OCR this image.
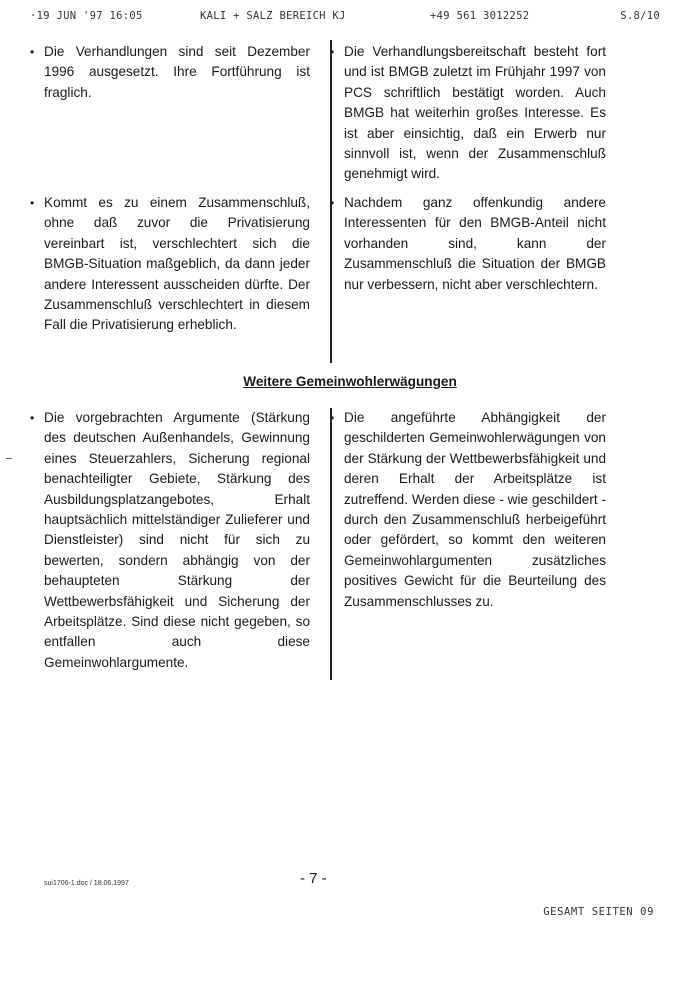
·19 JUN '97 16:05	KALI + SALZ BEREICH KJ	+49 561 3012252	S.8/10
• Die Verhandlungen sind seit Dezember 1996 ausgesetzt. Ihre Fortführung ist fraglich.
• Die Verhandlungsbereitschaft besteht fort und ist BMGB zuletzt im Frühjahr 1997 von PCS schriftlich bestätigt worden. Auch BMGB hat weiterhin großes Interesse. Es ist aber einsichtig, daß ein Erwerb nur sinnvoll ist, wenn der Zusammenschluß genehmigt wird.
• Kommt es zu einem Zusammenschluß, ohne daß zuvor die Privatisierung vereinbart ist, verschlechtert sich die BMGB-Situation maßgeblich, da dann jeder andere Interessent ausscheiden dürfte. Der Zusammenschluß verschlechtert in diesem Fall die Privatisierung erheblich.
• Nachdem ganz offenkundig andere Interessenten für den BMGB-Anteil nicht vorhanden sind, kann der Zusammenschluß die Situation der BMGB nur verbessern, nicht aber verschlechtern.
Weitere Gemeinwohlerwägungen
• Die vorgebrachten Argumente (Stärkung des deutschen Außenhandels, Gewinnung eines Steuerzahlers, Sicherung regional benachteiligter Gebiete, Stärkung des Ausbildungsplatzangebotes, Erhalt hauptsächlich mittelständiger Zulieferer und Dienstleister) sind nicht für sich zu bewerten, sondern abhängig von der behaupteten Stärkung der Wettbewerbsfähigkeit und Sicherung der Arbeitsplätze. Sind diese nicht gegeben, so entfallen auch diese Gemeinwohlargumente.
• Die angeführte Abhängigkeit der geschilderten Gemeinwohlerwägungen von der Stärkung der Wettbewerbsfähigkeit und deren Erhalt der Arbeitsplätze ist zutreffend. Werden diese - wie geschildert - durch den Zusammenschluß herbeigeführt oder gefördert, so kommt den weiteren Gemeinwohlargumenten zusätzliches positives Gewicht für die Beurteilung des Zusammenschlusses zu.
sui1706-1.doc / 18.06.1997	- 7 -
GESAMT SEITEN 09
